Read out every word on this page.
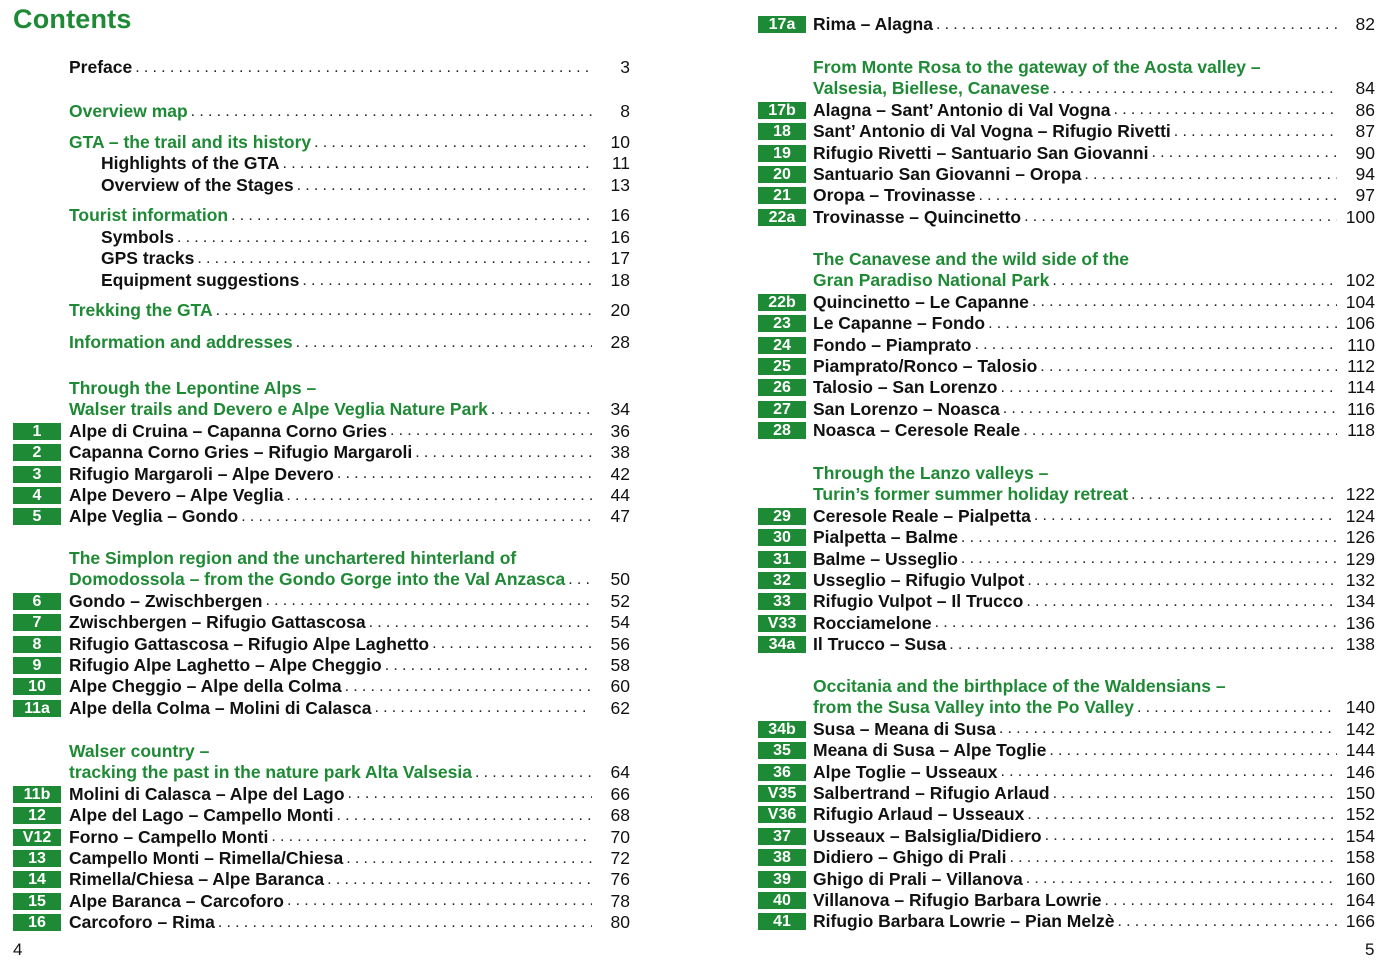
Contents
Preface .....	3
Overview map .....	8
GTA – the trail and its history .....	10
Highlights of the GTA .....	11
Overview of the Stages .....	13
Tourist information .....	16
Symbols .....	16
GPS tracks .....	17
Equipment suggestions .....	18
Trekking the GTA .....	20
Information and addresses .....	28
Through the Lepontine Alps –
Walser trails and Devero e Alpe Veglia Nature Park .....	34
1	Alpe di Cruina – Capanna Corno Gries .....	36
2	Capanna Corno Gries – Rifugio Margaroli .....	38
3	Rifugio Margaroli – Alpe Devero .....	42
4	Alpe Devero – Alpe Veglia .....	44
5	Alpe Veglia – Gondo .....	47
The Simplon region and the unchartered hinterland of
Domodossola – from the Gondo Gorge into the Val Anzasca .....	50
6	Gondo – Zwischbergen .....	52
7	Zwischbergen – Rifugio Gattascosa .....	54
8	Rifugio Gattascosa – Rifugio Alpe Laghetto .....	56
9	Rifugio Alpe Laghetto – Alpe Cheggio .....	58
10	Alpe Cheggio – Alpe della Colma .....	60
11a	Alpe della Colma – Molini di Calasca .....	62
Walser country –
tracking the past in the nature park Alta Valsesia .....	64
11b	Molini di Calasca – Alpe del Lago .....	66
12	Alpe del Lago – Campello Monti .....	68
V12	Forno – Campello Monti .....	70
13	Campello Monti – Rimella/Chiesa .....	72
14	Rimella/Chiesa – Alpe Baranca .....	76
15	Alpe Baranca – Carcoforo .....	78
16	Carcoforo – Rima .....	80
17a	Rima – Alagna .....	82
From Monte Rosa to the gateway of the Aosta valley –
Valsesia, Biellese, Canavese .....	84
17b Alagna – Sant’ Antonio di Val Vogna .....	86
18	Sant’ Antonio di Val Vogna – Rifugio Rivetti .....	87
19	Rifugio Rivetti – Santuario San Giovanni .....	90
20	Santuario San Giovanni – Oropa .....	94
21	Oropa – Trovinasse .....	97
22a	Trovinasse – Quincinetto .....	100
The Canavese and the wild side of the
Gran Paradiso National Park .....	102
22b Quincinetto – Le Capanne .....	104
23	Le Capanne – Fondo .....	106
24	Fondo – Piamprato .....	110
25	Piamprato/Ronco – Talosio .....	112
26	Talosio – San Lorenzo .....	114
27	San Lorenzo – Noasca .....	116
28	Noasca – Ceresole Reale .....	118
Through the Lanzo valleys –
Turin’s former summer holiday retreat .....	122
29	Ceresole Reale – Pialpetta .....	124
30	Pialpetta – Balme .....	126
31	Balme – Usseglio .....	129
32	Usseglio – Rifugio Vulpot .....	132
33	Rifugio Vulpot – Il Trucco .....	134
V33 Rocciamelone .....	136
34a	Il Trucco – Susa .....	138
Occitania and the birthplace of the Waldensians –
from the Susa Valley into the Po Valley .....	140
34b Susa – Meana di Susa .....	142
35	Meana di Susa – Alpe Toglie .....	144
36	Alpe Toglie – Usseaux .....	146
V35 Salbertrand – Rifugio Arlaud .....	150
V36 Rifugio Arlaud – Usseaux .....	152
37	Usseaux – Balsiglia/Didiero .....	154
38	Didiero – Ghigo di Prali .....	158
39	Ghigo di Prali – Villanova .....	160
40	Villanova – Rifugio Barbara Lowrie .....	164
41	Rifugio Barbara Lowrie – Pian Melzè .....	166
4	5
